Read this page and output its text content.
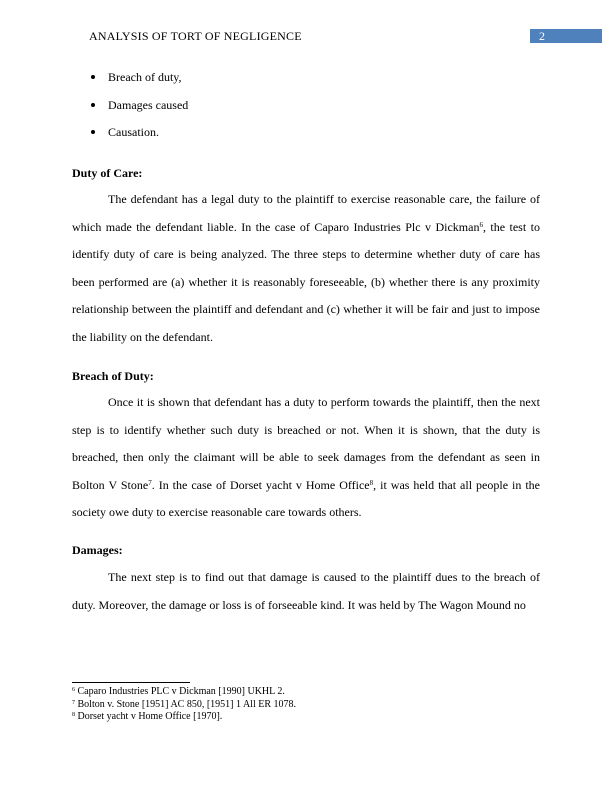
ANALYSIS OF TORT OF NEGLIGENCE	2
Breach of duty,
Damages caused
Causation.
Duty of Care:

The defendant has a legal duty to the plaintiff to exercise reasonable care, the failure of which made the defendant liable. In the case of Caparo Industries Plc v Dickman$^6$, the test to identify duty of care is being analyzed. The three steps to determine whether duty of care has been performed are (a) whether it is reasonably foreseeable, (b) whether there is any proximity relationship between the plaintiff and defendant and (c) whether it will be fair and just to impose the liability on the defendant.

Breach of Duty:

Once it is shown that defendant has a duty to perform towards the plaintiff, then the next step is to identify whether such duty is breached or not. When it is shown, that the duty is breached, then only the claimant will be able to seek damages from the defendant as seen in Bolton V Stone$^7$. In the case of Dorset yacht v Home Office$^8$, it was held that all people in the society owe duty to exercise reasonable care towards others.

Damages:

The next step is to find out that damage is caused to the plaintiff dues to the breach of duty. Moreover, the damage or loss is of forseeable kind. It was held by The Wagon Mound no

$^6$ Caparo Industries PLC v Dickman [1990] UKHL 2.
$^7$ Bolton v. Stone [1951] AC 850, [1951] 1 All ER 1078.
$^8$ Dorset yacht v Home Office [1970].
